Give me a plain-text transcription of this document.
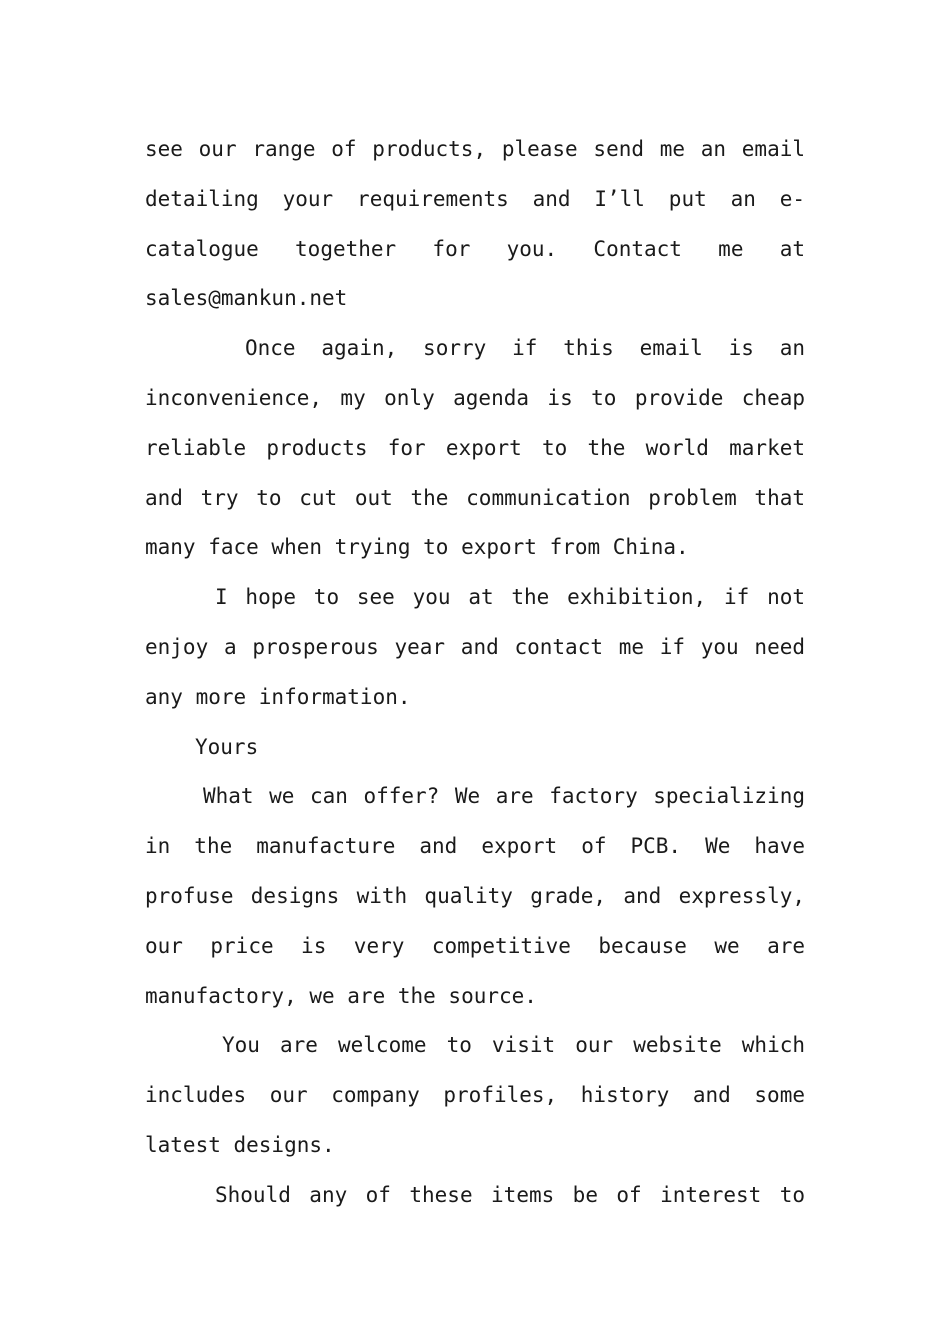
see our range of products, please send me an email
detailing your requirements and I’ll put an e-
catalogue together for you. Contact me at
sales@mankun.net
Once again, sorry if this email is an
inconvenience, my only agenda is to provide cheap
reliable products for export to the world market
and try to cut out the communication problem that
many face when trying to export from China.
I hope to see you at the exhibition, if not
enjoy a prosperous year and contact me if you need
any more information.
Yours
What we can offer? We are factory specializing
in the manufacture and export of PCB. We have
profuse designs with quality grade, and expressly,
our price is very competitive because we are
manufactory, we are the source.
You are welcome to visit our website which
includes our company profiles, history and some
latest designs.
Should any of these items be of interest to
